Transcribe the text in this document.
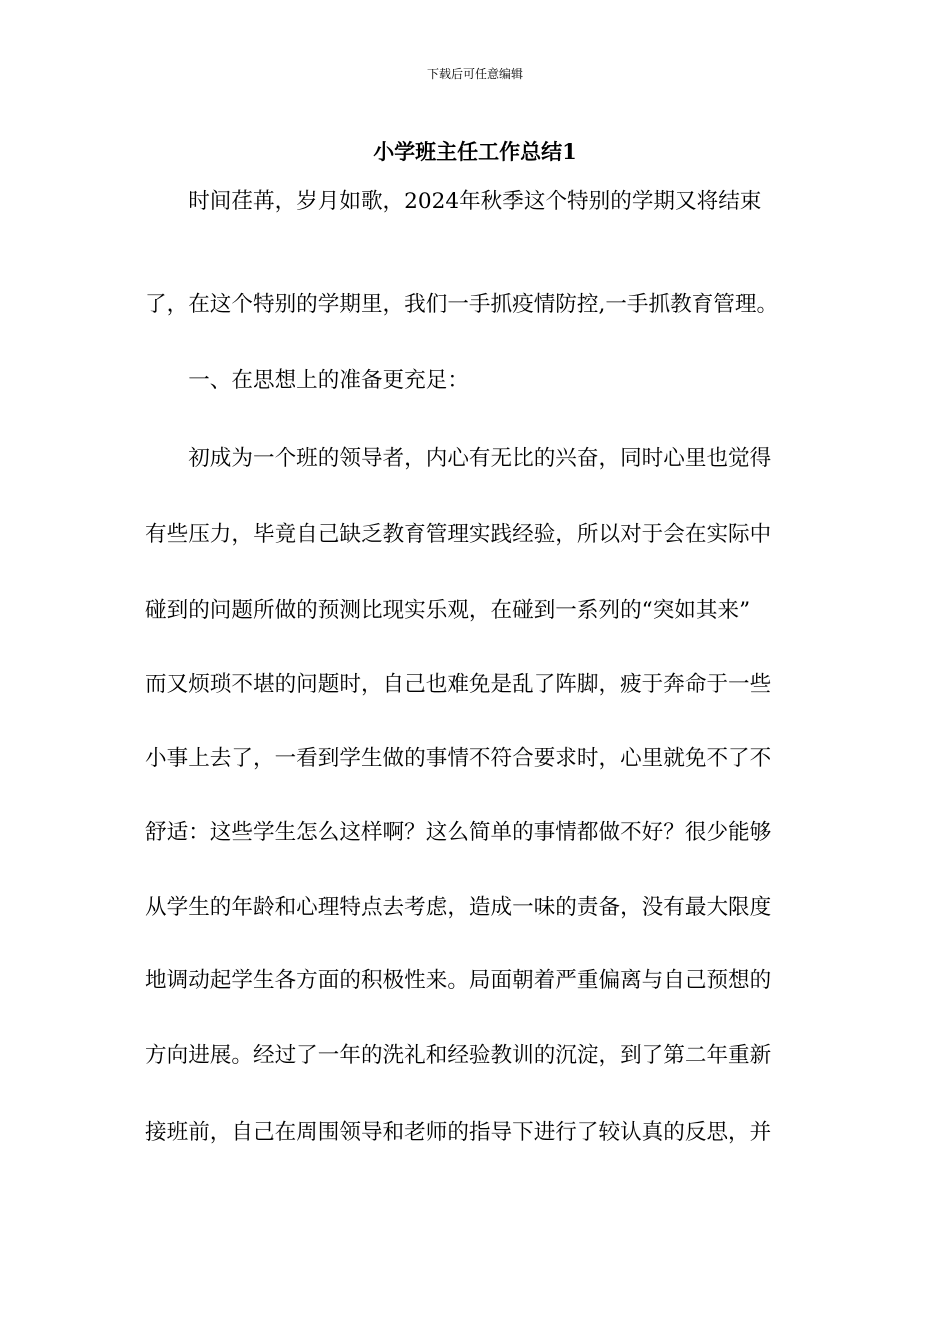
下载后可任意编辑
小学班主任工作总结1
　　时间荏苒，岁月如歌，2024年秋季这个特别的学期又将结束
了，在这个特别的学期里，我们一手抓疫情防控,一手抓教育管理。
　　一、在思想上的准备更充足：
　　初成为一个班的领导者，内心有无比的兴奋，同时心里也觉得
有些压力，毕竟自己缺乏教育管理实践经验，所以对于会在实际中
碰到的问题所做的预测比现实乐观，在碰到一系列的“突如其来”
而又烦琐不堪的问题时，自己也难免是乱了阵脚，疲于奔命于一些
小事上去了，一看到学生做的事情不符合要求时，心里就免不了不
舒适：这些学生怎么这样啊？这么简单的事情都做不好？很少能够
从学生的年龄和心理特点去考虑，造成一味的责备，没有最大限度
地调动起学生各方面的积极性来。局面朝着严重偏离与自己预想的
方向进展。经过了一年的洗礼和经验教训的沉淀，到了第二年重新
接班前，自己在周围领导和老师的指导下进行了较认真的反思，并
